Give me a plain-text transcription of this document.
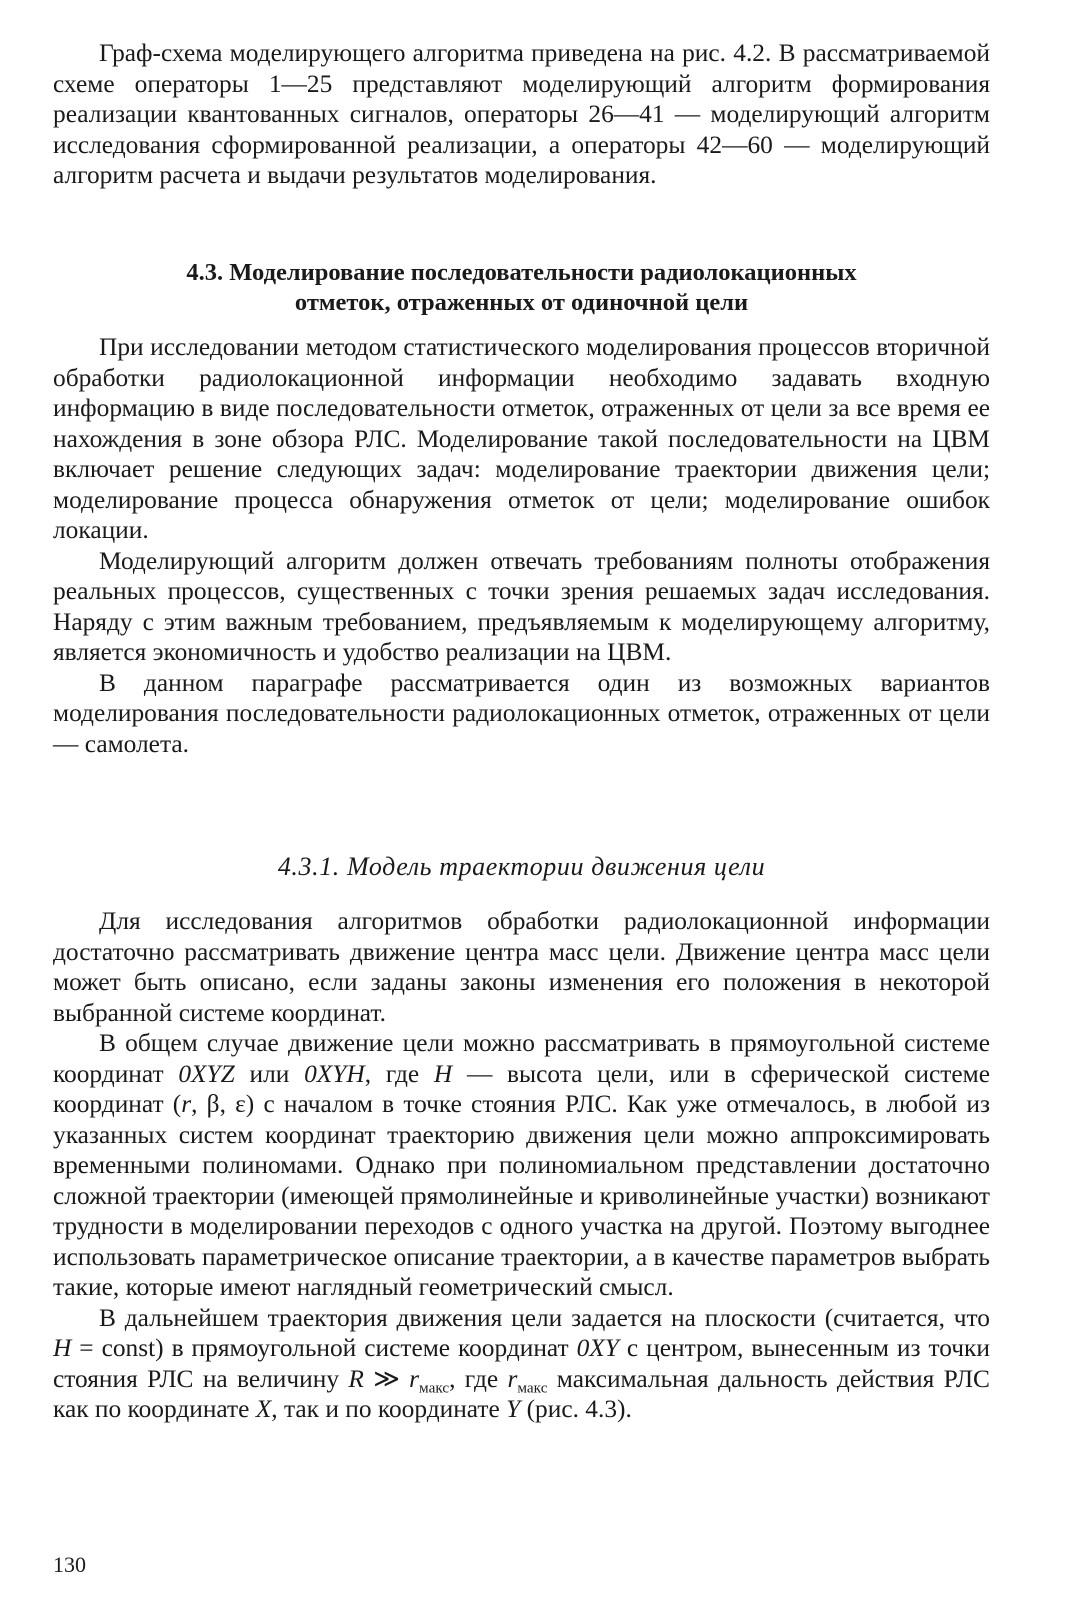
Граф-схема моделирующего алгоритма приведена на рис. 4.2. В рассматриваемой схеме операторы 1—25 представляют моделирующий алгоритм формирования реализации квантованных сигналов, операторы 26—41 — моделирующий алгоритм исследования сформированной реализации, а операторы 42—60 — моделирующий алгоритм расчета и выдачи результатов моделирования.

4.3. Моделирование последовательности радиолокационных
отметок, отраженных от одиночной цели

При исследовании методом статистического моделирования процессов вторичной обработки радиолокационной информации необходимо задавать входную информацию в виде последовательности отметок, отраженных от цели за все время ее нахождения в зоне обзора РЛС. Моделирование такой последовательности на ЦВМ включает решение следующих задач: моделирование траектории движения цели; моделирование процесса обнаружения отметок от цели; моделирование ошибок локации.

Моделирующий алгоритм должен отвечать требованиям полноты отображения реальных процессов, существенных с точки зрения решаемых задач исследования. Наряду с этим важным требованием, предъявляемым к моделирующему алгоритму, является экономичность и удобство реализации на ЦВМ.

В данном параграфе рассматривается один из возможных вариантов моделирования последовательности радиолокационных отметок, отраженных от цели — самолета.

4.3.1. Модель траектории движения цели

Для исследования алгоритмов обработки радиолокационной информации достаточно рассматривать движение центра масс цели. Движение центра масс цели может быть описано, если заданы законы изменения его положения в некоторой выбранной системе координат.

В общем случае движение цели можно рассматривать в прямоугольной системе координат 0XYZ или 0XYH, где H — высота цели, или в сферической системе координат (r, β, ε) с началом в точке стояния РЛС. Как уже отмечалось, в любой из указанных систем координат траекторию движения цели можно аппроксимировать временными полиномами. Однако при полиномиальном представлении достаточно сложной траектории (имеющей прямолинейные и криволинейные участки) возникают трудности в моделировании переходов с одного участка на другой. Поэтому выгоднее использовать параметрическое описание траектории, а в качестве параметров выбрать такие, которые имеют наглядный геометрический смысл.

В дальнейшем траектория движения цели задается на плоскости (считается, что H = const) в прямоугольной системе координат 0XY с центром, вынесенным из точки стояния РЛС на величину R ≫ $r_{макс}$, где $r_{макс}$ максимальная дальность действия РЛС как по координате X, так и по координате Y (рис. 4.3).

130
